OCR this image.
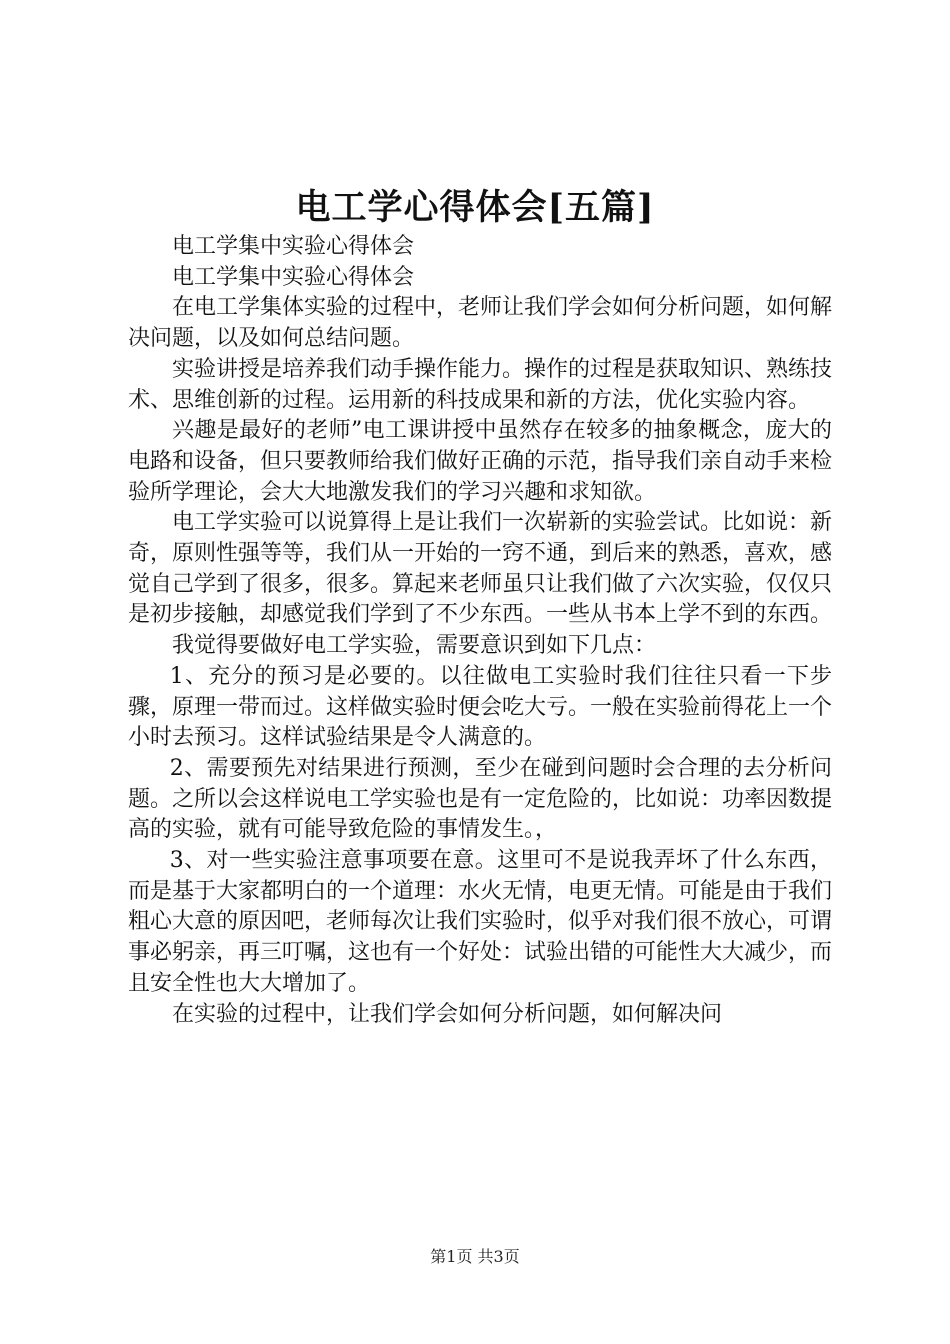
电工学心得体会[五篇]

电工学集中实验心得体会

电工学集中实验心得体会

在电工学集体实验的过程中，老师让我们学会如何分析问题，如何解决问题，以及如何总结问题。

实验讲授是培养我们动手操作能力。操作的过程是获取知识、熟练技术、思维创新的过程。运用新的科技成果和新的方法，优化实验内容。

兴趣是最好的老师”电工课讲授中虽然存在较多的抽象概念，庞大的电路和设备，但只要教师给我们做好正确的示范，指导我们亲自动手来检验所学理论，会大大地激发我们的学习兴趣和求知欲。

电工学实验可以说算得上是让我们一次崭新的实验尝试。比如说：新奇，原则性强等等，我们从一开始的一窍不通，到后来的熟悉，喜欢，感觉自己学到了很多，很多。算起来老师虽只让我们做了六次实验，仅仅只是初步接触，却感觉我们学到了不少东西。一些从书本上学不到的东西。

我觉得要做好电工学实验，需要意识到如下几点：

1、充分的预习是必要的。以往做电工实验时我们往往只看一下步骤，原理一带而过。这样做实验时便会吃大亏。一般在实验前得花上一个小时去预习。这样试验结果是令人满意的。

2、需要预先对结果进行预测，至少在碰到问题时会合理的去分析问题。之所以会这样说电工学实验也是有一定危险的，比如说：功率因数提高的实验，就有可能导致危险的事情发生。，

3、对一些实验注意事项要在意。这里可不是说我弄坏了什么东西，而是基于大家都明白的一个道理：水火无情，电更无情。可能是由于我们粗心大意的原因吧，老师每次让我们实验时，似乎对我们很不放心，可谓事必躬亲，再三叮嘱，这也有一个好处：试验出错的可能性大大减少，而且安全性也大大增加了。

在实验的过程中，让我们学会如何分析问题，如何解决问

第1页 共3页
